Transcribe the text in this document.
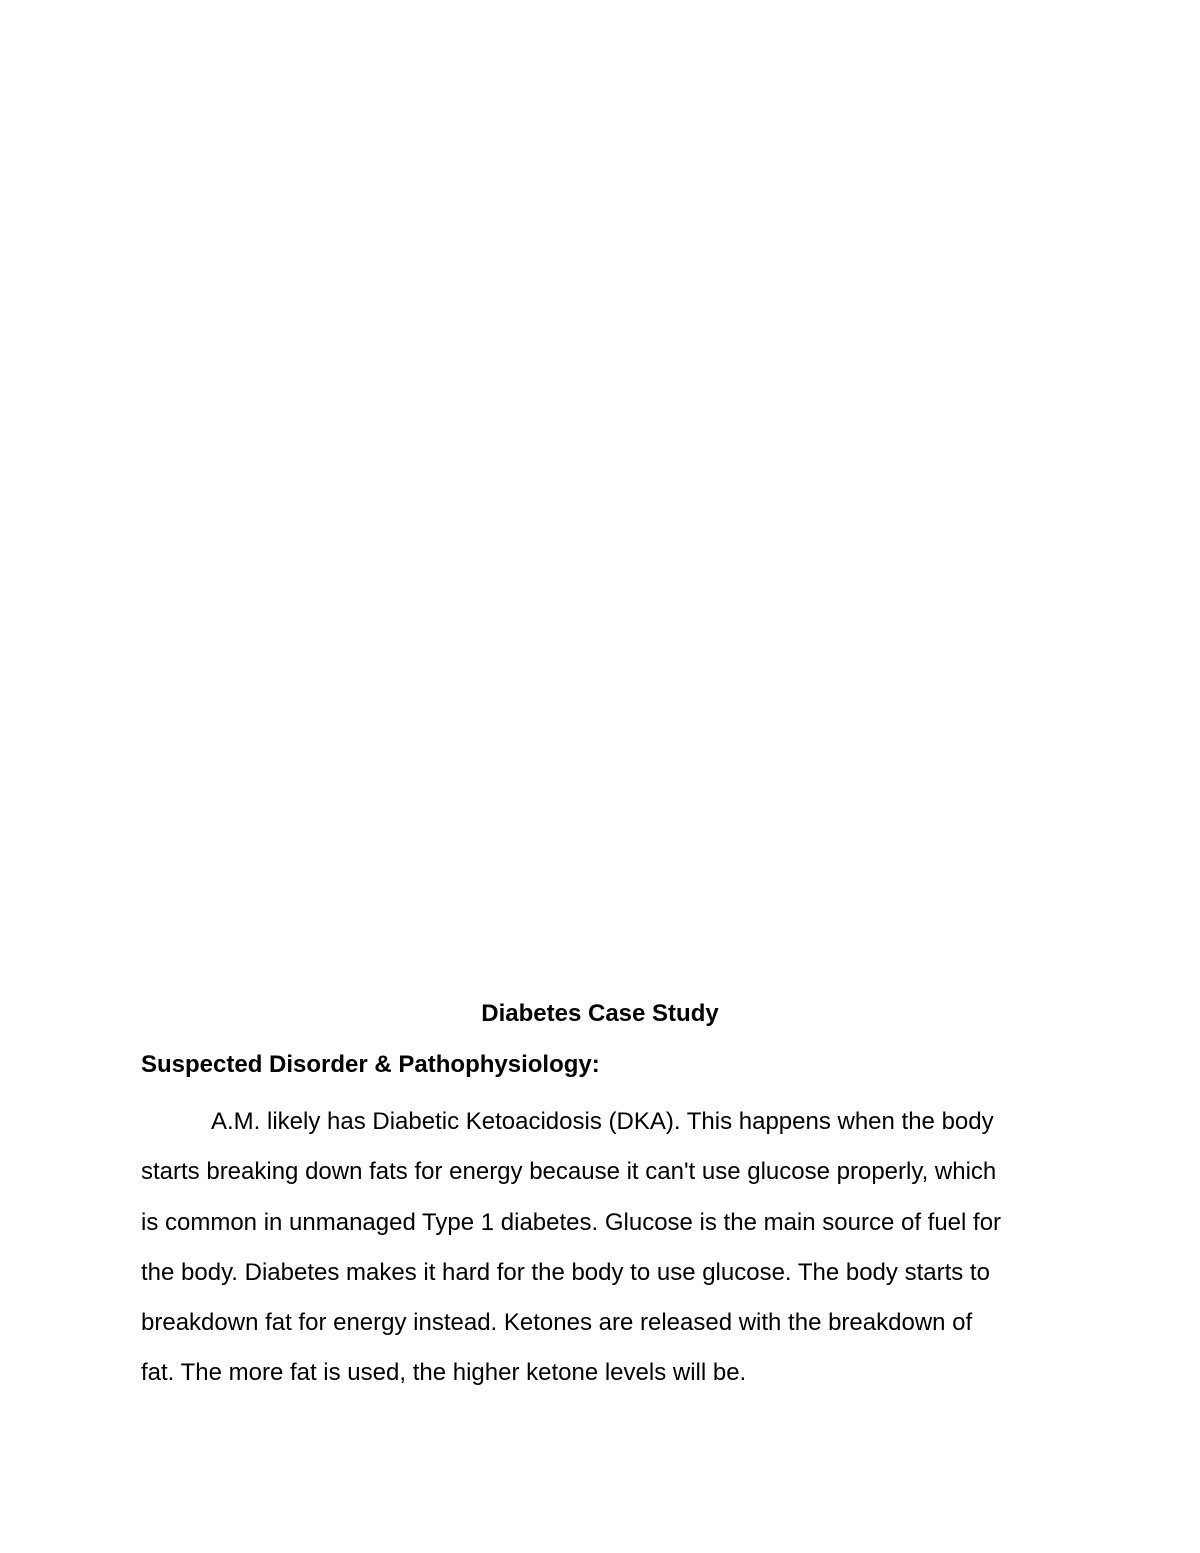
Diabetes Case Study
Suspected Disorder & Pathophysiology:
A.M. likely has Diabetic Ketoacidosis (DKA). This happens when the body
starts breaking down fats for energy because it can't use glucose properly, which
is common in unmanaged Type 1 diabetes. Glucose is the main source of fuel for
the body. Diabetes makes it hard for the body to use glucose. The body starts to
breakdown fat for energy instead. Ketones are released with the breakdown of
fat. The more fat is used, the higher ketone levels will be.
